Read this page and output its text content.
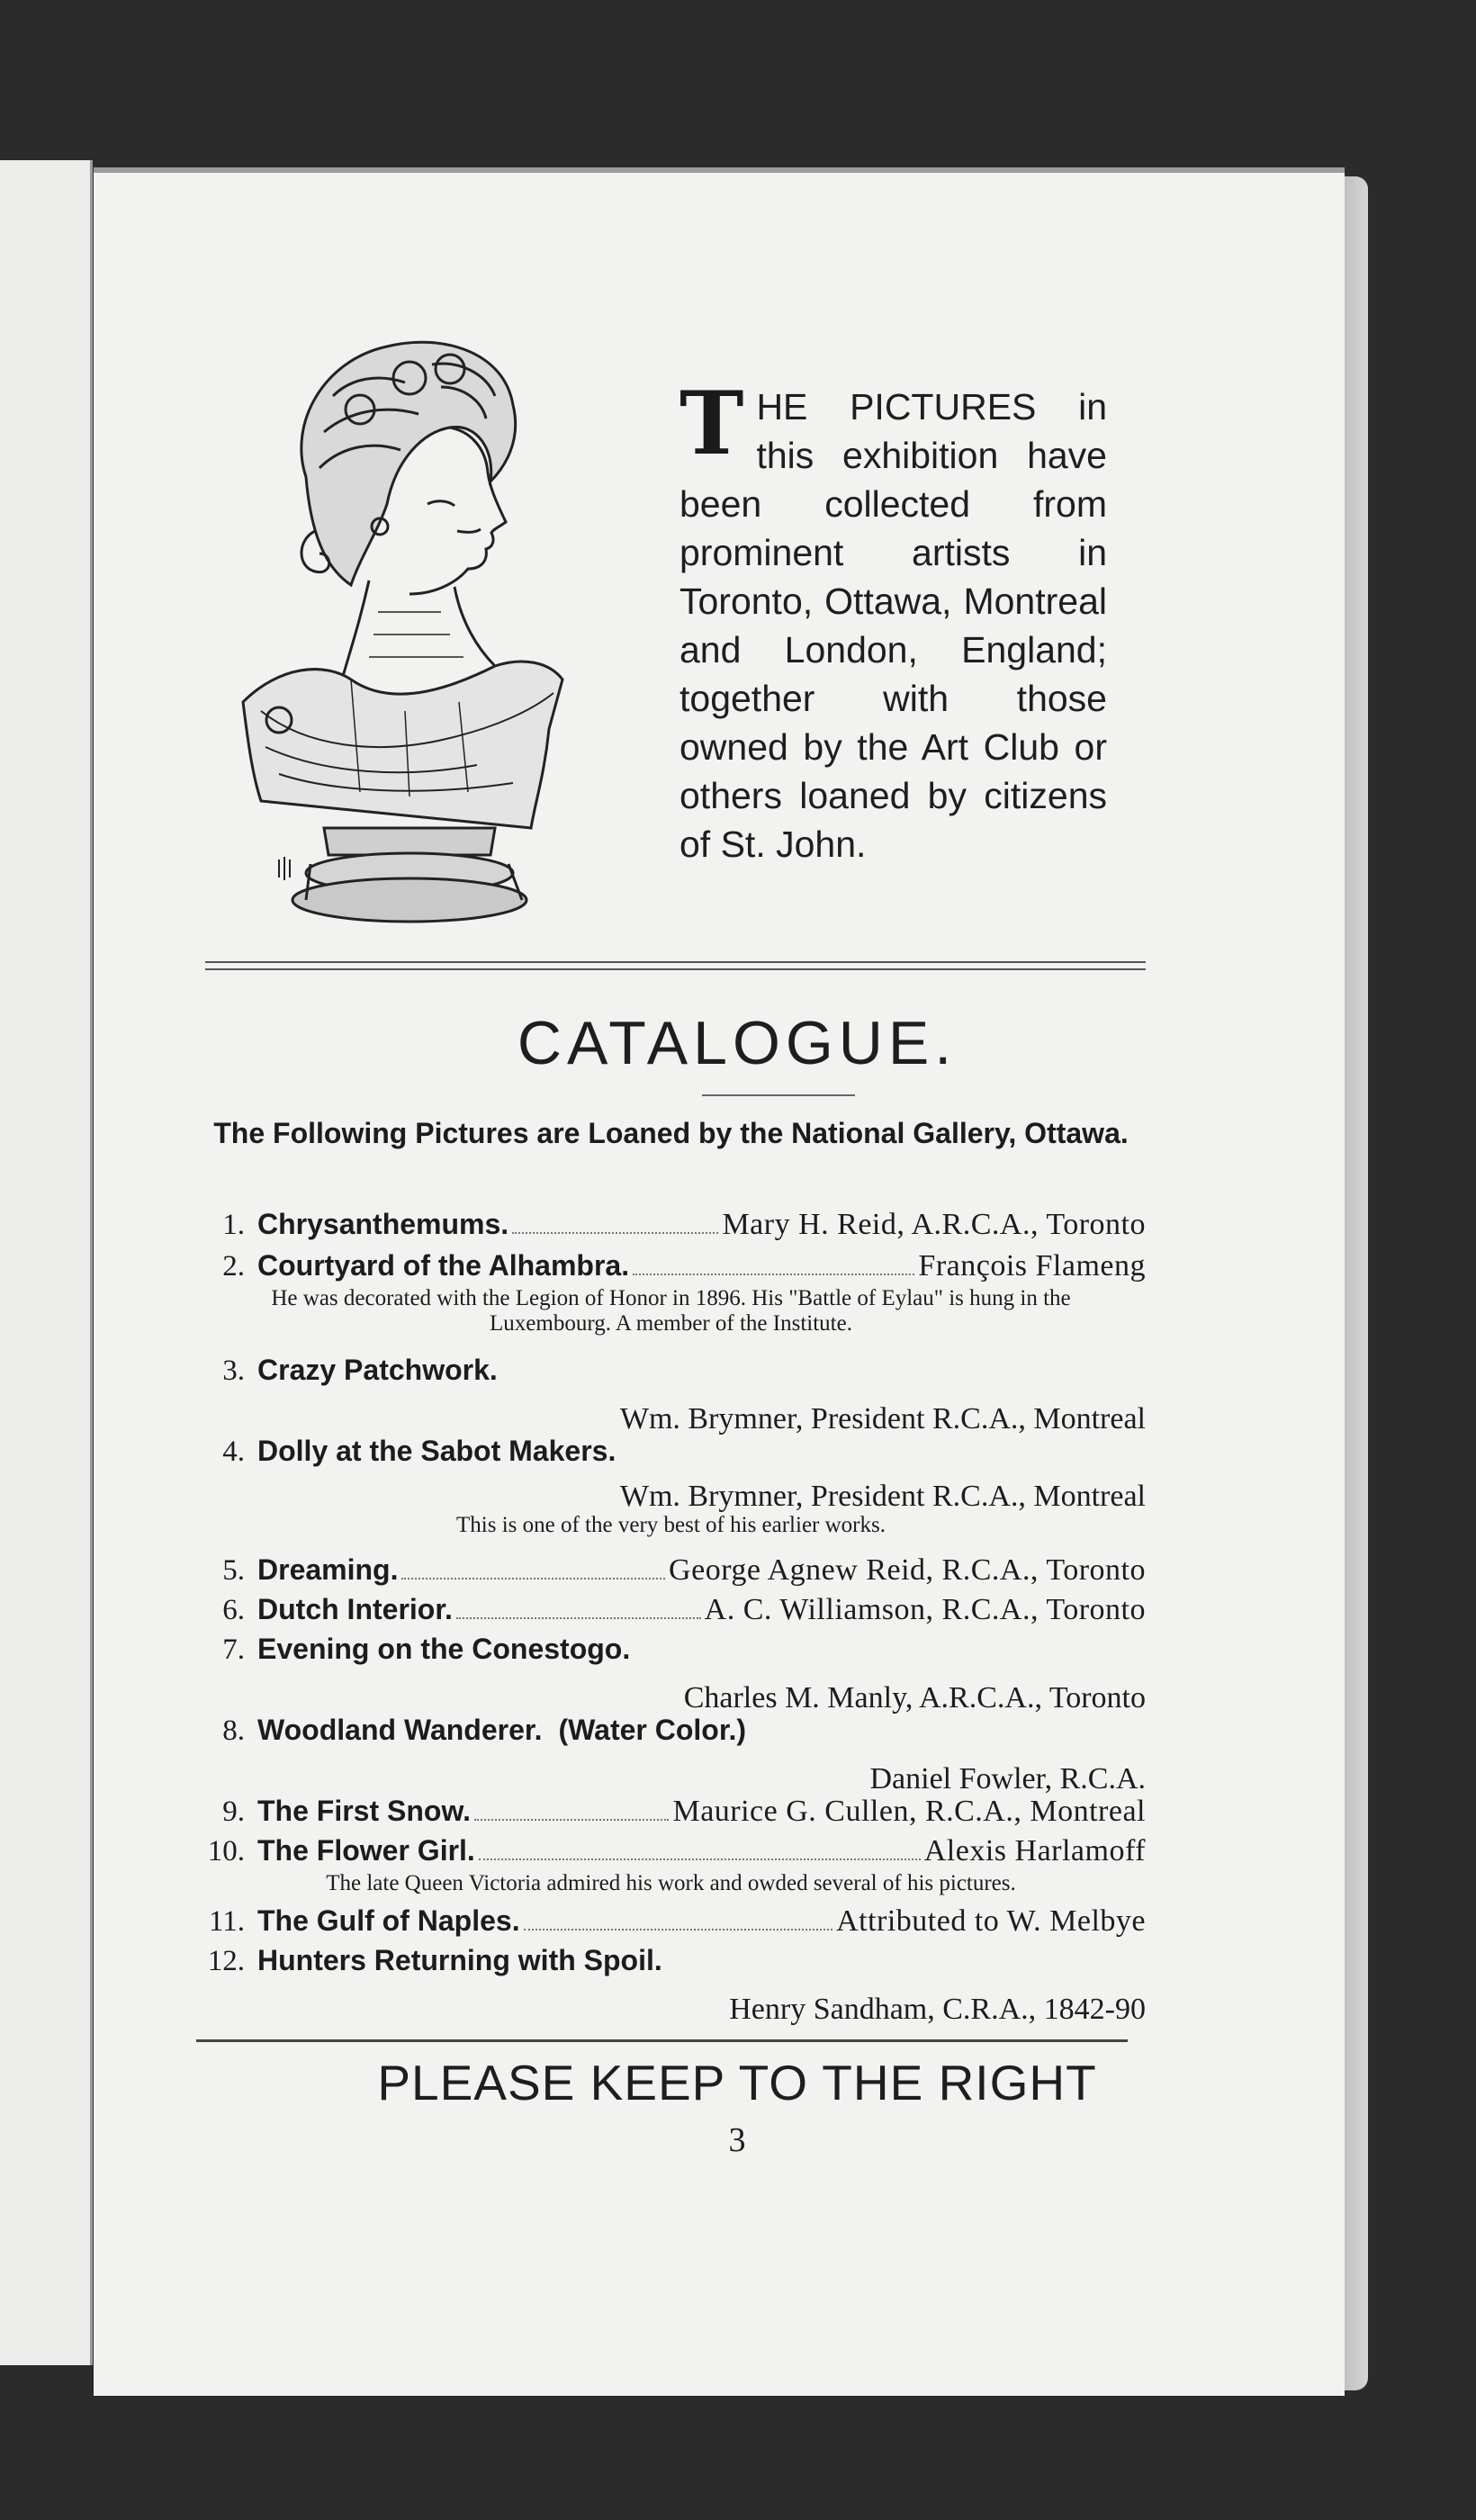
THE PICTURES in this exhibition have been collected from prominent artists in Toronto, Ottawa, Montreal and London, England; together with those owned by the Art Club or others loaned by citizens of St. John.
CATALOGUE.
The Following Pictures are Loaned by the National Gallery, Ottawa.
1. Chrysanthemums.	Mary H. Reid, A.R.C.A., Toronto
2. Courtyard of the Alhambra.	François Flameng
He was decorated with the Legion of Honor in 1896. His "Battle of Eylau" is hung in the Luxembourg. A member of the Institute.
3. Crazy Patchwork.
Wm. Brymner, President R.C.A., Montreal
4. Dolly at the Sabot Makers.
Wm. Brymner, President R.C.A., Montreal
This is one of the very best of his earlier works.
5. Dreaming.	George Agnew Reid, R.C.A., Toronto
6. Dutch Interior.	A. C. Williamson, R.C.A., Toronto
7. Evening on the Conestogo.
Charles M. Manly, A.R.C.A., Toronto
8. Woodland Wanderer. (Water Color.)
Daniel Fowler, R.C.A.
9. The First Snow.	Maurice G. Cullen, R.C.A., Montreal
10. The Flower Girl.	Alexis Harlamoff
The late Queen Victoria admired his work and owded several of his pictures.
11. The Gulf of Naples.	Attributed to W. Melbye
12. Hunters Returning with Spoil.
Henry Sandham, C.R.A., 1842-90
PLEASE KEEP TO THE RIGHT
3
